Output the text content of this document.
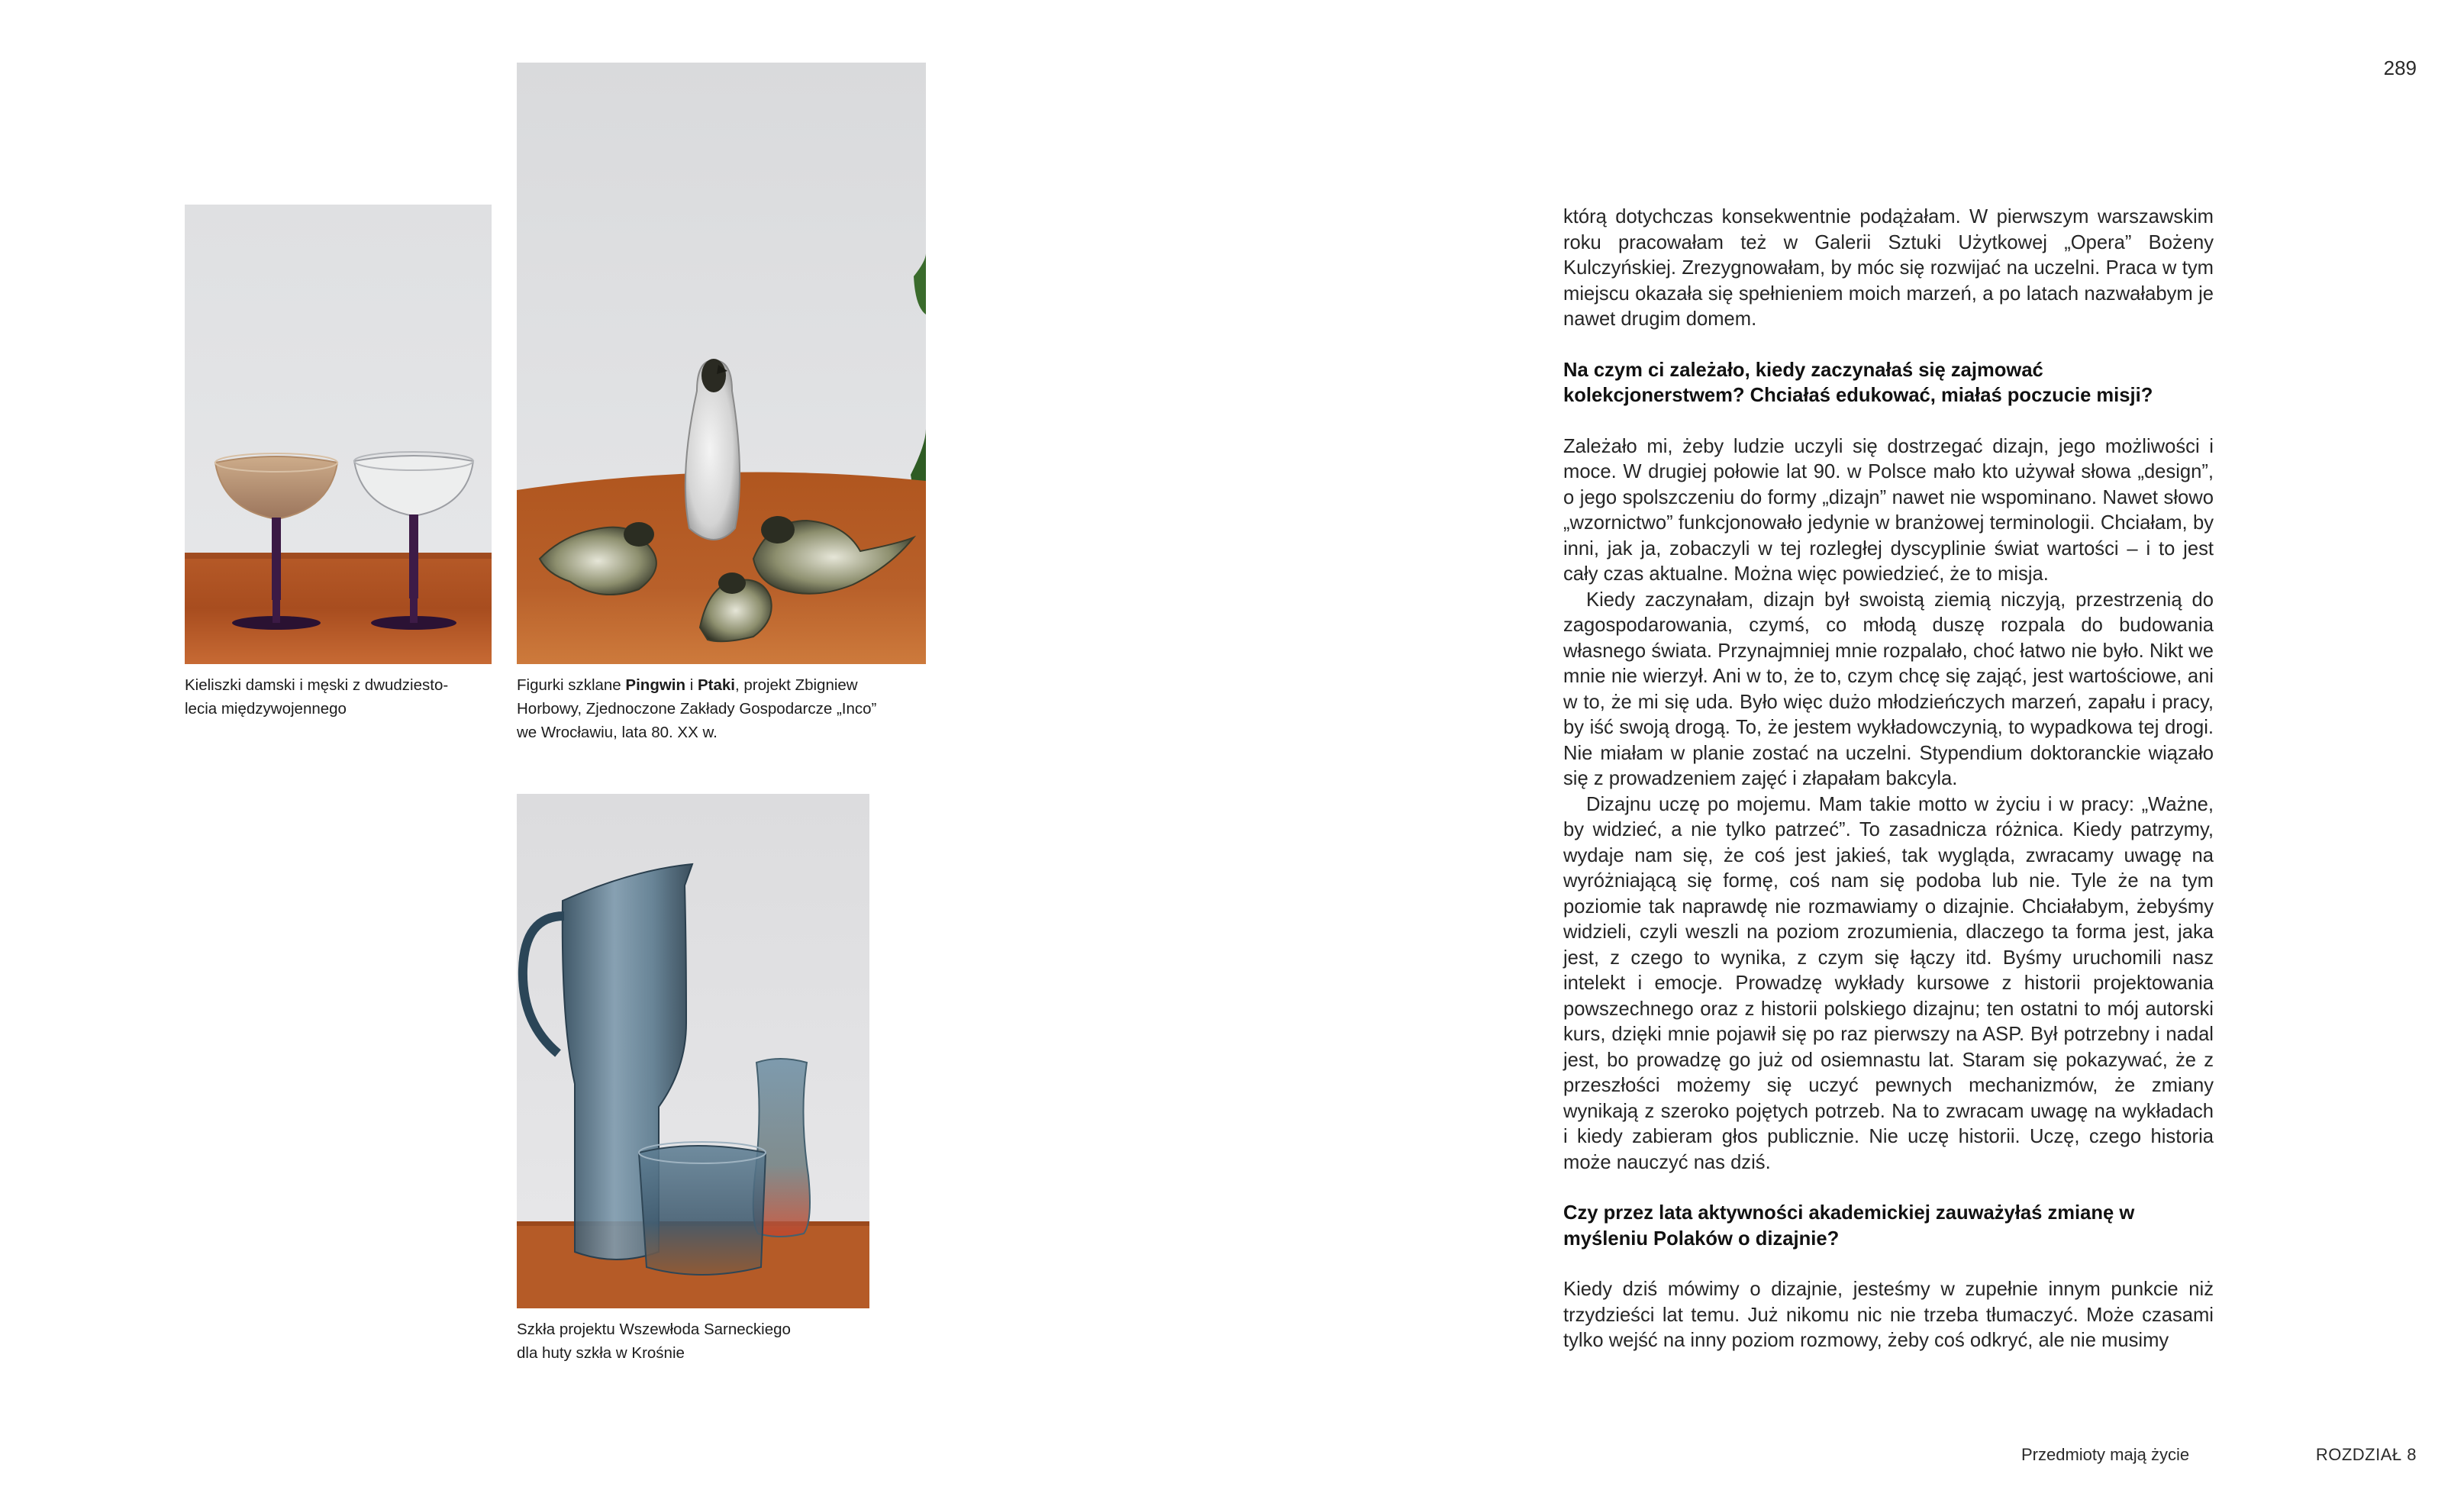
289
Kieliszki damski i męski z dwudziesto-
lecia międzywojennego
Figurki szklane Pingwin i Ptaki, projekt Zbigniew
Horbowy, Zjednoczone Zakłady Gospodarcze „Inco”
we Wrocławiu, lata 80. XX w.
Szkła projektu Wszewłoda Sarneckiego
dla huty szkła w Krośnie

którą dotychczas konsekwentnie podążałam. W pierwszym warszawskim roku pracowałam też w Galerii Sztuki Użytkowej „Opera” Bożeny Kulczyńskiej. Zrezygnowałam, by móc się rozwijać na uczelni. Praca w tym miejscu okazała się spełnieniem moich marzeń, a po latach nazwałabym je nawet drugim domem.

Na czym ci zależało, kiedy zaczynałaś się zajmować kolekcjonerstwem? Chciałaś edukować, miałaś poczucie misji?

Zależało mi, żeby ludzie uczyli się dostrzegać dizajn, jego możliwości i moce. W drugiej połowie lat 90. w Polsce mało kto używał słowa „design”, o jego spolszczeniu do formy „dizajn” nawet nie wspominano. Nawet słowo „wzornictwo” funkcjonowało jedynie w branżowej terminologii. Chciałam, by inni, jak ja, zobaczyli w tej rozległej dyscyplinie świat wartości – i to jest cały czas aktualne. Można więc powiedzieć, że to misja.

Kiedy zaczynałam, dizajn był swoistą ziemią niczyją, przestrzenią do zagospodarowania, czymś, co młodą duszę rozpala do budowania własnego świata. Przynajmniej mnie rozpalało, choć łatwo nie było. Nikt we mnie nie wierzył. Ani w to, że to, czym chcę się zająć, jest wartościowe, ani w to, że mi się uda. Było więc dużo młodzieńczych marzeń, zapału i pracy, by iść swoją drogą. To, że jestem wykładowczynią, to wypadkowa tej drogi. Nie miałam w planie zostać na uczelni. Stypendium doktoranckie wiązało się z prowadzeniem zajęć i złapałam bakcyla.

Dizajnu uczę po mojemu. Mam takie motto w życiu i w pracy: „Ważne, by widzieć, a nie tylko patrzeć”. To zasadnicza różnica. Kiedy patrzymy, wydaje nam się, że coś jest jakieś, tak wygląda, zwracamy uwagę na wyróżniającą się formę, coś nam się podoba lub nie. Tyle że na tym poziomie tak naprawdę nie rozmawiamy o dizajnie. Chciałabym, żebyśmy widzieli, czyli weszli na poziom zrozumienia, dlaczego ta forma jest, jaka jest, z czego to wynika, z czym się łączy itd. Byśmy uruchomili nasz intelekt i emocje. Prowadzę wykłady kursowe z historii projektowania powszechnego oraz z historii polskiego dizajnu; ten ostatni to mój autorski kurs, dzięki mnie pojawił się po raz pierwszy na ASP. Był potrzebny i nadal jest, bo prowadzę go już od osiemnastu lat. Staram się pokazywać, że z przeszłości możemy się uczyć pewnych mechanizmów, że zmiany wynikają z szeroko pojętych potrzeb. Na to zwracam uwagę na wykładach i kiedy zabieram głos publicznie. Nie uczę historii. Uczę, czego historia może nauczyć nas dziś.

Czy przez lata aktywności akademickiej zauważyłaś zmianę w myśleniu Polaków o dizajnie?

Kiedy dziś mówimy o dizajnie, jesteśmy w zupełnie innym punkcie niż trzydzieści lat temu. Już nikomu nic nie trzeba tłumaczyć. Może czasami tylko wejść na inny poziom rozmowy, żeby coś odkryć, ale nie musimy

Przedmioty mają życie	ROZDZIAŁ 8
